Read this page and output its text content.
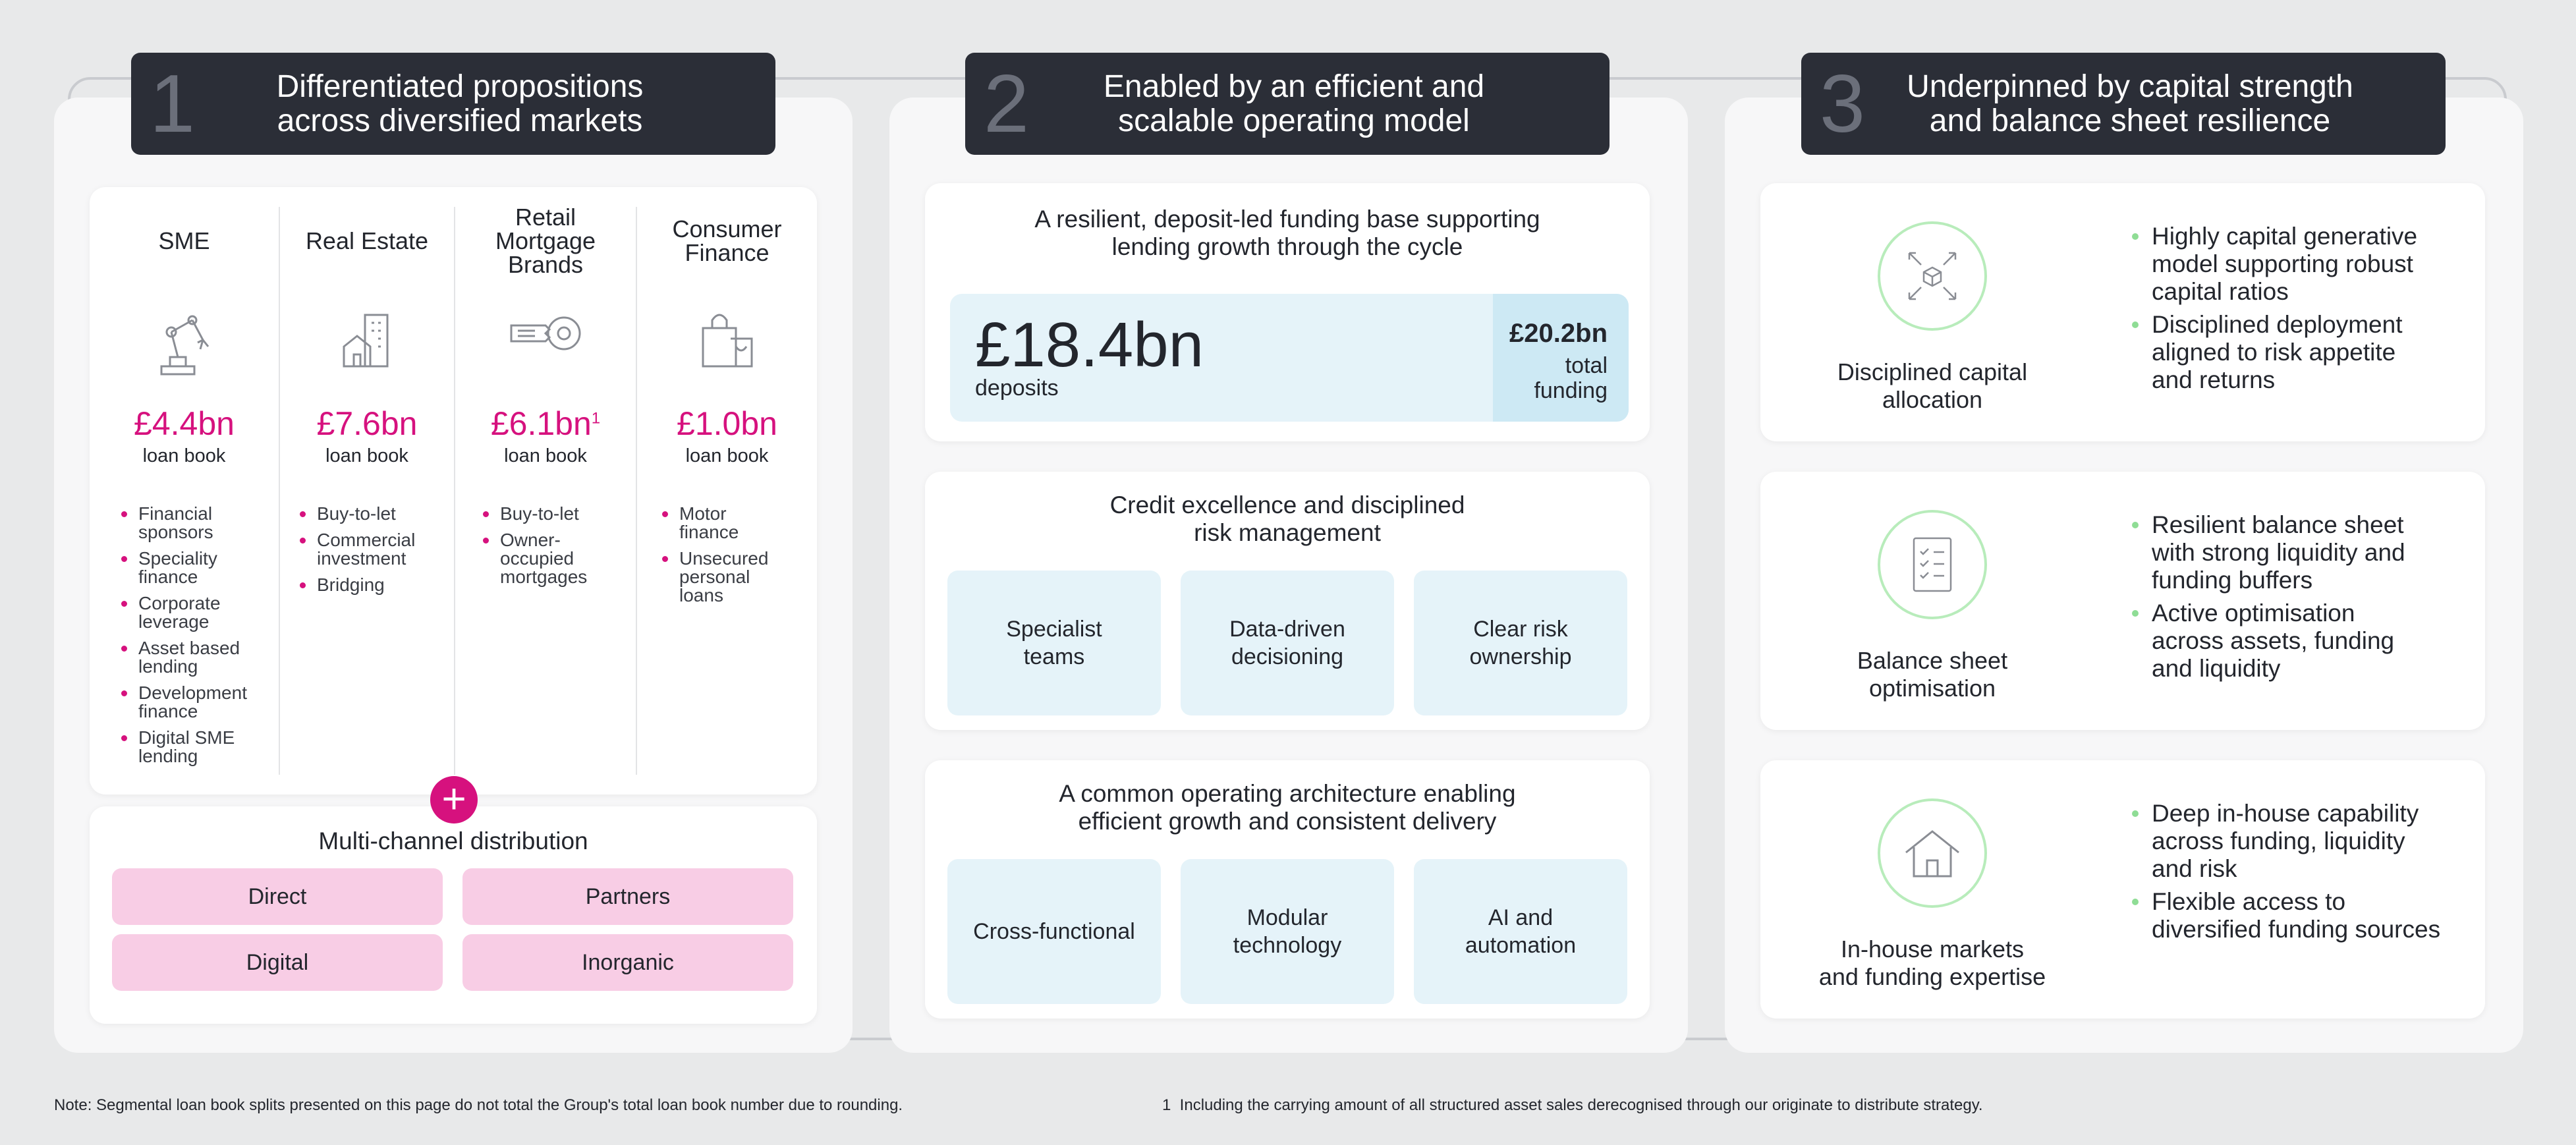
SME
£4.4bn
loan book
Financial
sponsors
Speciality
finance
Corporate
leverage
Asset based
lending
Development
finance
Digital SME
lending
Real Estate
£7.6bn
loan book
Buy-to-let
Commercial
investment
Bridging
Retail
Mortgage
Brands
$£6.1bn^1$
loan book
Buy-to-let
Owner-
occupied
mortgages
Consumer
Finance
£1.0bn
loan book
Motor
finance
Unsecured
personal
loans
Multi-channel distribution
Direct	Partners
Digital	Inorganic
+
A resilient, deposit-led funding base supporting
lending growth through the cycle
£18.4bn
deposits
£20.2bn
total
funding
Credit excellence and disciplined
risk management
Specialist
teams
Data-driven
decisioning
Clear risk
ownership
A common operating architecture enabling
efficient growth and consistent delivery
Cross-functional
Modular
technology
AI and
automation
Disciplined capital
allocation
Highly capital generative
model supporting robust
capital ratios
Disciplined deployment
aligned to risk appetite
and returns
Balance sheet
optimisation
Resilient balance sheet
with strong liquidity and
funding buffers
Active optimisation
across assets, funding
and liquidity
In-house markets
and funding expertise
Deep in-house capability
across funding, liquidity
and risk
Flexible access to
diversified funding sources
1	Differentiated propositions
across diversified markets	2	Enabled by an efficient and
scalable operating model	3	Underpinned by capital strength
and balance sheet resilience
Note: Segmental loan book splits presented on this page do not total the Group's total loan book number due to rounding.	1  Including the carrying amount of all structured asset sales derecognised through our originate to distribute strategy.
